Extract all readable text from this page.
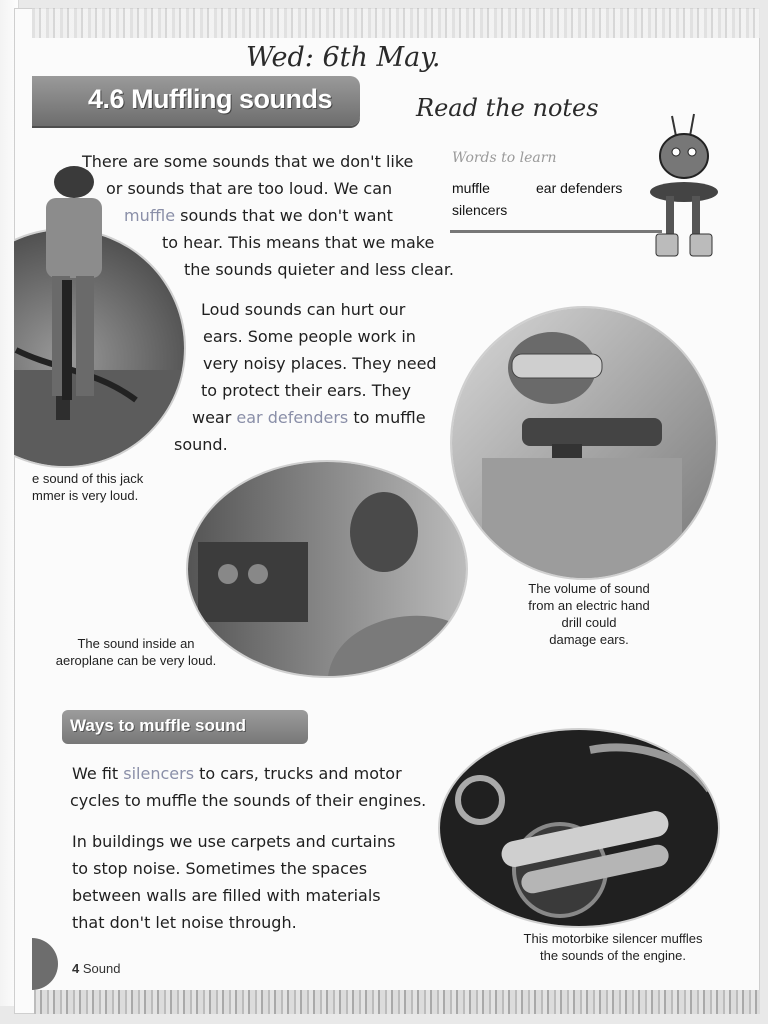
Wed: 6th May.
Read the notes
4.6 Muffling sounds
There are some sounds that we don't like
or sounds that are too loud. We can
muffle sounds that we don't want
to hear. This means that we make
the sounds quieter and less clear.
Words to learn
muffle	ear defenders
silencers
Loud sounds can hurt our
ears. Some people work in
very noisy places. They need
to protect their ears. They
wear ear defenders to muffle
sound.
e sound of this jack
mmer is very loud.
The volume of sound
from an electric hand
drill could
damage ears.
The sound inside an
aeroplane can be very loud.
Ways to muffle sound
We fit silencers to cars, trucks and motor
cycles to muffle the sounds of their engines.
In buildings we use carpets and curtains
to stop noise. Sometimes the spaces
between walls are filled with materials
that don't let noise through.
This motorbike silencer muffles
the sounds of the engine.
4 Sound
